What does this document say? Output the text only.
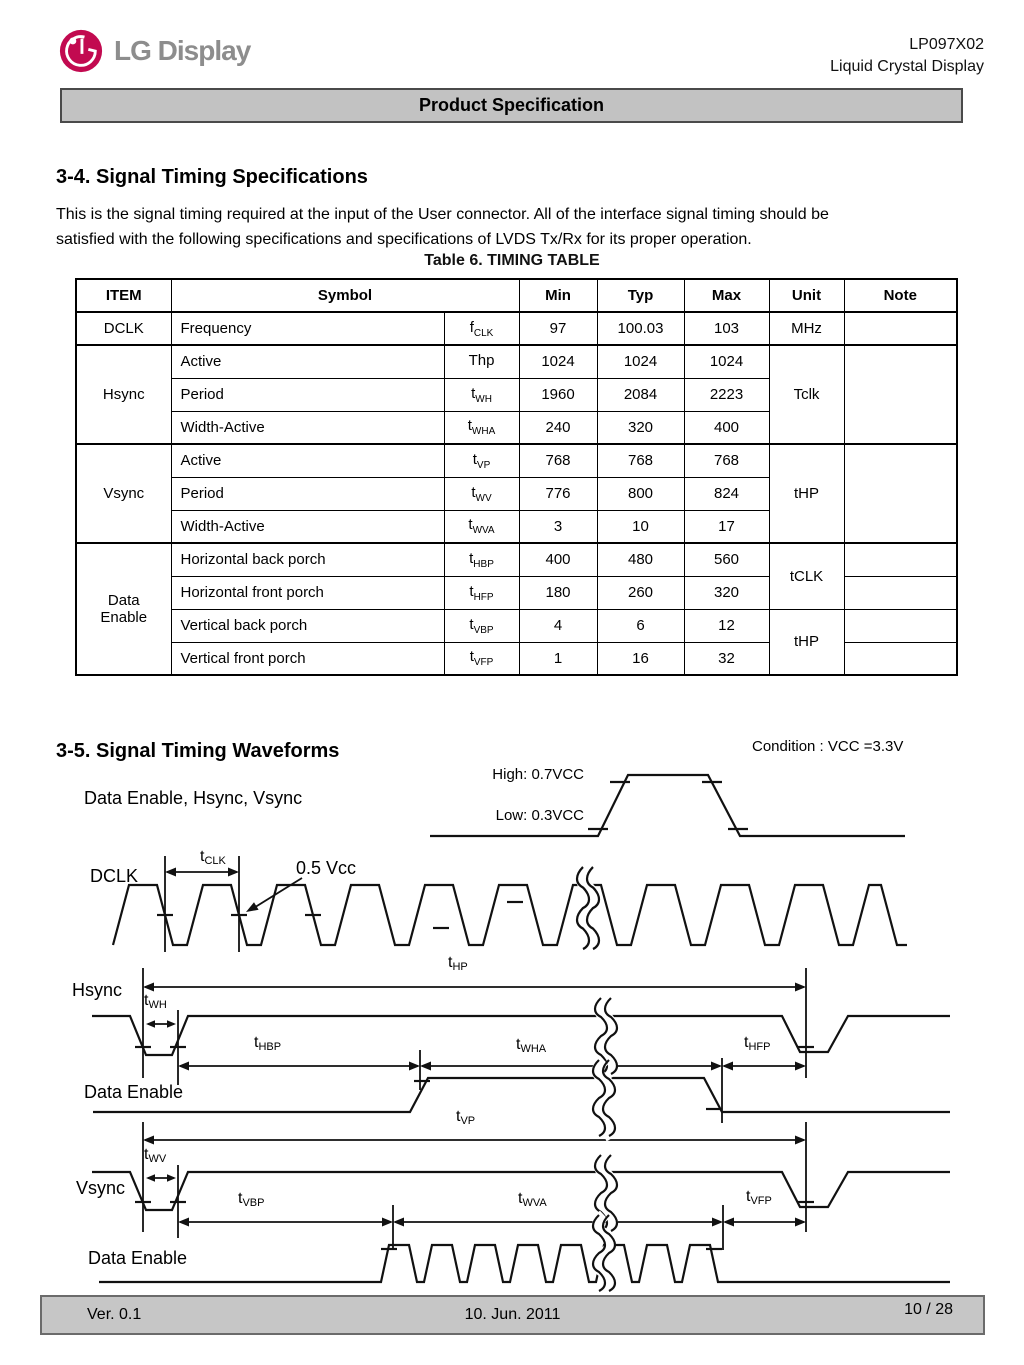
LG Display	LP097X02
Liquid Crystal Display
Product Specification
3-4. Signal Timing Specifications
This is the signal timing required at the input of the User connector. All of the interface signal timing should be
satisfied with the following specifications and specifications of LVDS Tx/Rx for its proper operation.
Table 6. TIMING TABLE
ITEM	Symbol		Min	Typ	Max	Unit	Note
DCLK	Frequency	$f_{CLK}$	97	100.03	103	MHz	
Hsync	Active	Thp	1024	1024	1024	Tclk	
	Period	$t_{WH}$	1960	2084	2223		
	Width-Active	$t_{WHA}$	240	320	400		
Vsync	Active	$t_{VP}$	768	768	768	tHP	
	Period	$t_{WV}$	776	800	824		
	Width-Active	$t_{WVA}$	3	10	17		
Data Enable	Horizontal back porch	$t_{HBP}$	400	480	560	tCLK	
	Horizontal front porch	$t_{HFP}$	180	260	320		
	Vertical back porch	$t_{VBP}$	4	6	12	tHP	
	Vertical front porch	$t_{VFP}$	1	16	32		
3-5. Signal Timing Waveforms	Condition : VCC =3.3V
Data Enable, Hsync, Vsync
High: 0.7VCC
Low: 0.3VCC
DCLK
$t_{CLK}$	0.5 Vcc
Hsync
$t_{HP}$
$t_{WH}$
$t_{HBP}$	$t_{WHA}$	$t_{HFP}$
Data Enable
$t_{VP}$
$t_{WV}$
Vsync
$t_{VBP}$	$t_{WVA}$	$t_{VFP}$
Data Enable
Ver. 0.1	10. Jun. 2011	10 / 28
